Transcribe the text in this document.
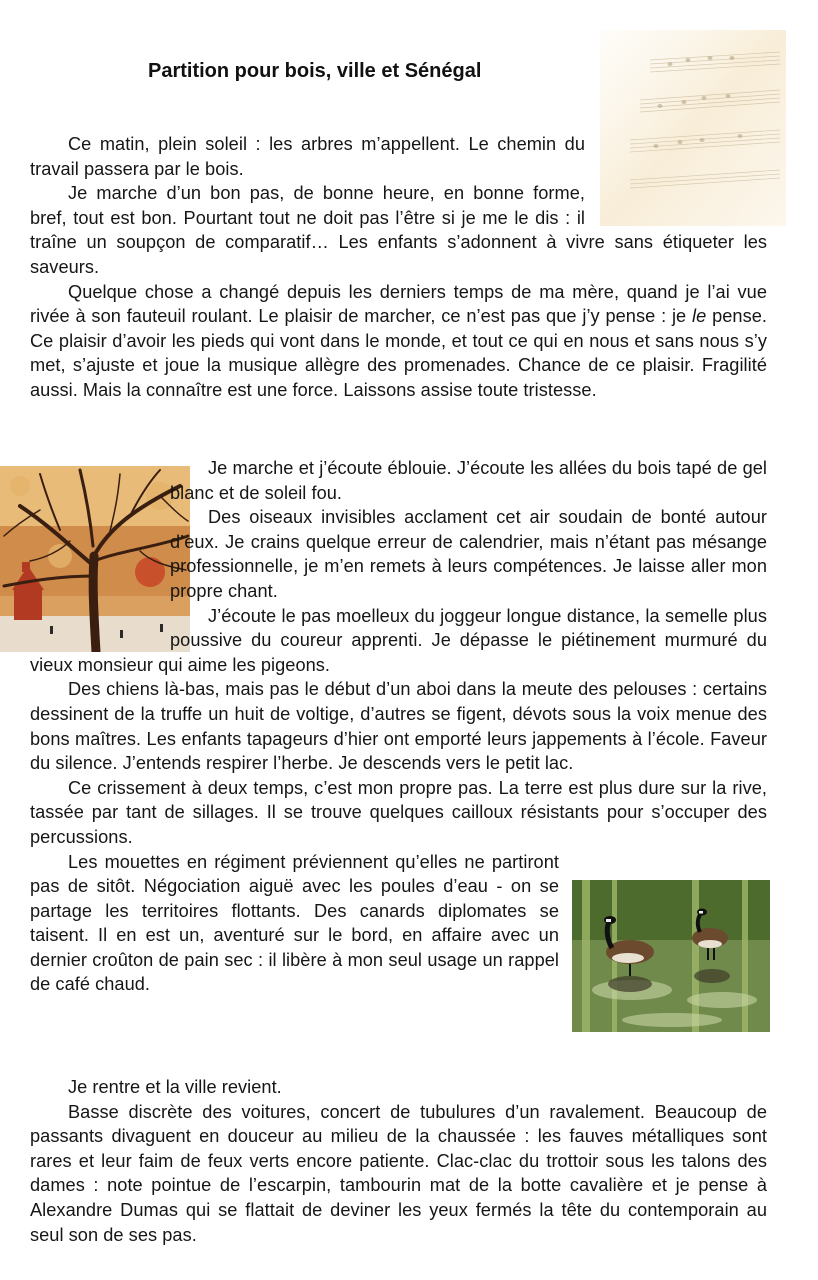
Partition pour bois, ville et Sénégal

Ce matin, plein soleil : les arbres m’appellent. Le chemin du travail passera par le bois.

Je marche d’un bon pas, de bonne heure, en bonne forme, bref, tout est bon. Pourtant tout ne doit pas l’être si je me le dis : il traîne un soupçon de comparatif… Les enfants s’adonnent à vivre sans étiqueter les saveurs.

Quelque chose a changé depuis les derniers temps de ma mère, quand je l’ai vue rivée à son fauteuil roulant. Le plaisir de marcher, ce n’est pas que j’y pense : je le pense. Ce plaisir d’avoir les pieds qui vont dans le monde, et tout ce qui en nous et sans nous s’y met, s’ajuste et joue la musique allègre des promenades. Chance de ce plaisir. Fragilité aussi. Mais la connaître est une force. Laissons assise toute tristesse.

Je marche et j’écoute éblouie. J’écoute les allées du bois tapé de gel blanc et de soleil fou.

Des oiseaux invisibles acclament cet air soudain de bonté autour d’eux. Je crains quelque erreur de calendrier, mais n’étant pas mésange professionnelle, je m’en remets à leurs compétences. Je laisse aller mon propre chant.

J’écoute le pas moelleux du joggeur longue distance, la semelle plus poussive du coureur apprenti. Je dépasse le piétinement murmuré du vieux monsieur qui aime les pigeons.

Des chiens là-bas, mais pas le début d’un aboi dans la meute des pelouses : certains dessinent de la truffe un huit de voltige, d’autres se figent, dévots sous la voix menue des bons maîtres. Les enfants tapageurs d’hier ont emporté leurs jappements à l’école. Faveur du silence. J’entends respirer l’herbe. Je descends vers le petit lac.

Ce crissement à deux temps, c’est mon propre pas. La terre est plus dure sur la rive, tassée par tant de sillages. Il se trouve quelques cailloux résistants pour s’occuper des percussions.

Les mouettes en régiment préviennent qu’elles ne partiront pas de sitôt. Négociation aiguë avec les poules d’eau - on se partage les territoires flottants. Des canards diplomates se taisent. Il en est un, aventuré sur le bord, en affaire avec un dernier croûton de pain sec : il libère à mon seul usage un rappel de café chaud.

Je rentre et la ville revient.

Basse discrète des voitures, concert de tubulures d’un ravalement. Beaucoup de passants divaguent en douceur au milieu de la chaussée : les fauves métalliques sont rares et leur faim de feux verts encore patiente. Clac-clac du trottoir sous les talons des dames : note pointue de l’escarpin, tambourin mat de la botte cavalière et je pense à Alexandre Dumas qui se flattait de deviner les yeux fermés la tête du contemporain au seul son de ses pas.
